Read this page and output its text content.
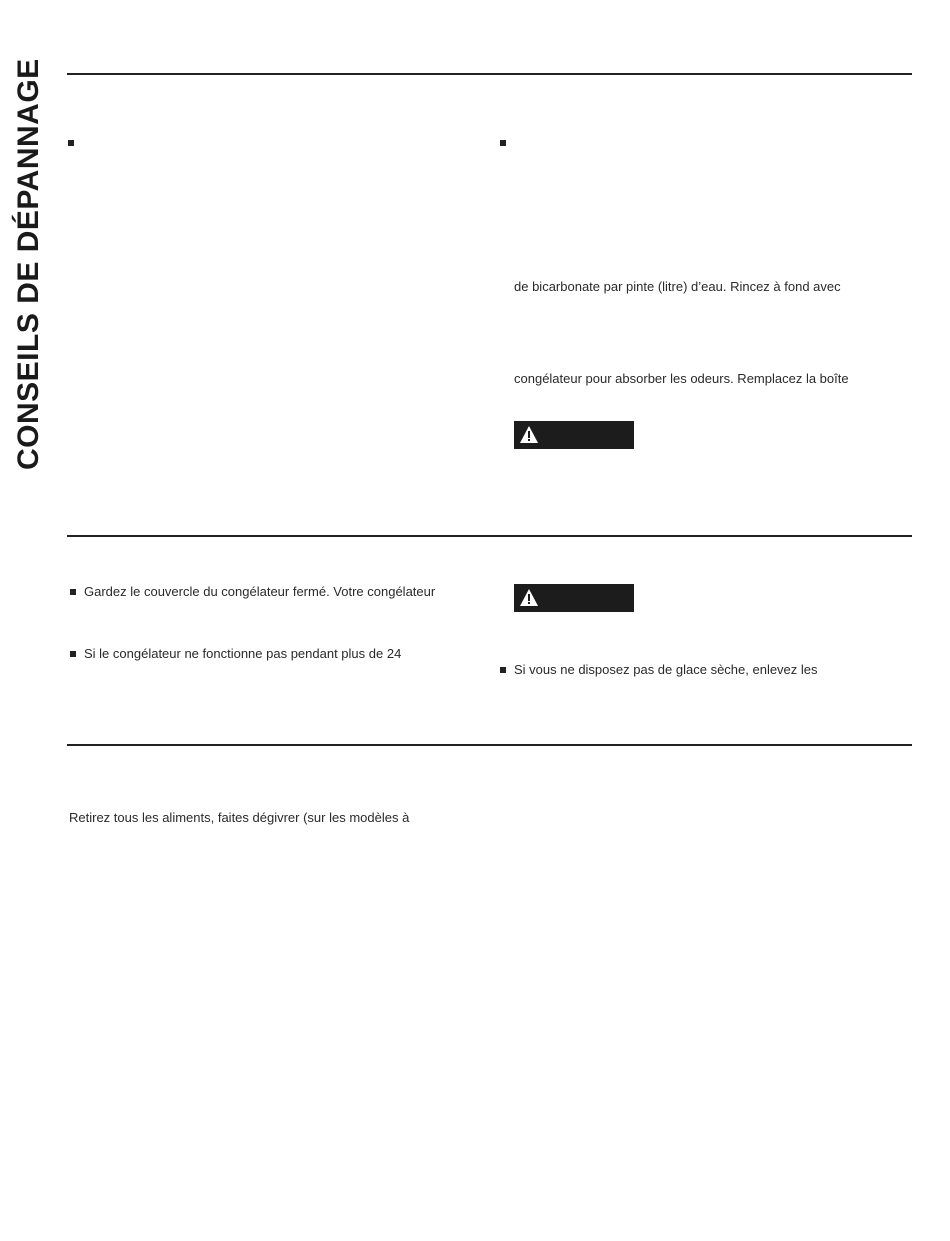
CONSEILS DE DÉPANNAGE	de bicarbonate par pinte (litre) d’eau. Rincez à fond avec
congélateur pour absorber les odeurs. Remplacez la boîte
Gardez le couvercle du congélateur fermé. Votre congélateur
Si le congélateur ne fonctionne pas pendant plus de 24
Si vous ne disposez pas de glace sèche, enlevez les
Retirez tous les aliments, faites dégivrer (sur les modèles à
